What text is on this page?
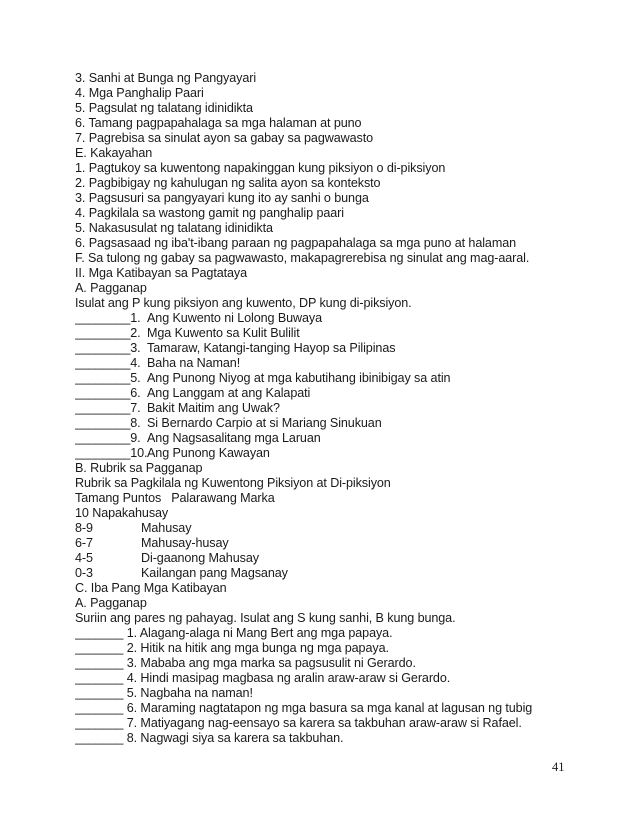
3. Sanhi at Bunga ng Pangyayari
4. Mga Panghalip Paari
5. Pagsulat ng talatang idinidikta
6. Tamang pagpapahalaga sa mga halaman at puno
7. Pagrebisa sa sinulat ayon sa gabay sa pagwawasto
E. Kakayahan
1. Pagtukoy sa kuwentong napakinggan kung piksiyon o di-piksiyon
2. Pagbibigay ng kahulugan ng salita ayon sa konteksto
3. Pagsusuri sa pangyayari kung ito ay sanhi o bunga
4. Pagkilala sa wastong gamit ng panghalip paari
5. Nakasusulat ng talatang idinidikta
6. Pagsasaad ng iba't-ibang paraan ng pagpapahalaga sa mga puno at halaman
F. Sa tulong ng gabay sa pagwawasto, makapagrerebisa ng sinulat ang mag-aaral.
II. Mga Katibayan sa Pagtataya
A. Pagganap
Isulat ang P kung piksiyon ang kuwento, DP kung di-piksiyon.
________1. Ang Kuwento ni Lolong Buwaya
________2. Mga Kuwento sa Kulit Bulilit
________3. Tamaraw, Katangi-tanging Hayop sa Pilipinas
________4. Baha na Naman!
________5. Ang Punong Niyog at mga kabutihang ibinibigay sa atin
________6. Ang Langgam at ang Kalapati
________7. Bakit Maitim ang Uwak?
________8. Si Bernardo Carpio at si Mariang Sinukuan
________9. Ang Nagsasalitang mga Laruan
________10. Ang Punong Kawayan
B. Rubrik sa Pagganap
Rubrik sa Pagkilala ng Kuwentong Piksiyon at Di-piksiyon
Tamang Puntos Palarawang Marka
10 Napakahusay
8-9	Mahusay
6-7	Mahusay-husay
4-5	Di-gaanong Mahusay
0-3	Kailangan pang Magsanay
C. Iba Pang Mga Katibayan
A. Pagganap
Suriin ang pares ng pahayag. Isulat ang S kung sanhi, B kung bunga.
_______ 1. Alagang-alaga ni Mang Bert ang mga papaya.
_______ 2. Hitik na hitik ang mga bunga ng mga papaya.
_______ 3. Mababa ang mga marka sa pagsusulit ni Gerardo.
_______ 4. Hindi masipag magbasa ng aralin araw-araw si Gerardo.
_______ 5. Nagbaha na naman!
_______ 6. Maraming nagtatapon ng mga basura sa mga kanal at lagusan ng tubig
_______ 7. Matiyagang nag-eensayo sa karera sa takbuhan araw-araw si Rafael.
_______ 8. Nagwagi siya sa karera sa takbuhan.
41
